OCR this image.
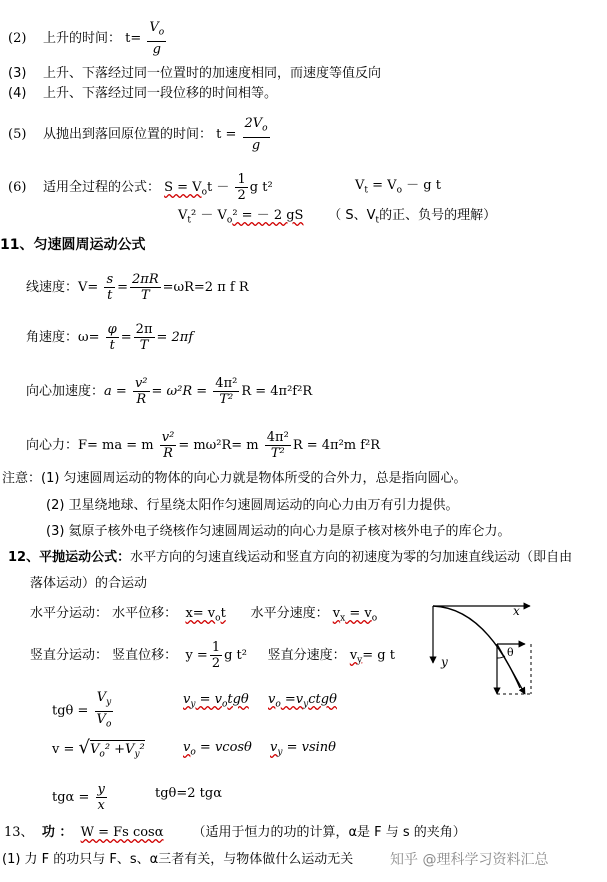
(2) 上升的时间： $t= \frac{V_o}{g}$
(3) 上升、下落经过同一位置时的加速度相同，而速度等值反向
(4) 上升、下落经过同一段位移的时间相等。
(5) 从抛出到落回原位置的时间： $t = \frac{2V_o}{g}$
(6) 适用全过程的公式： $S = V_ot - \frac{1}{2}$ g t²	$V_t = V_o - g$ t
$V_t^2 - V_o^2$ = － 2 gS （ S、$V_t$的正、负号的理解）
11、匀速圆周运动公式
线速度：$V= \frac{s}{t} = \frac{2\pi R}{T} =\omega R=2$ π f R
角速度：$\omega= \frac{\varphi}{t} = \frac{2\pi}{T} = 2\pi f$
向心加速度：$a = \frac{\text{v²}}{R} = \omega^2R = \frac{\text{4π²}}{\text{T²}}$ R = 4π²f²R
向心力：F= ma = m $\frac{\text{v²}}{R} = m\omega^2R= m \frac{\text{4π²}}{\text{T²}}$ R = 4π²m f²R
注意：(1) 匀速圆周运动的物体的向心力就是物体所受的合外力，总是指向圆心。
(2) 卫星绕地球、行星绕太阳作匀速圆周运动的向心力由万有引力提供。
(3) 氦原子核外电子绕核作匀速圆周运动的向心力是原子核对核外电子的库仑力。
12、平抛运动公式：水平方向的匀速直线运动和竖直方向的初速度为零的匀加速直线运动（即自由
落体运动）的合运动
水平分运动： 水平位移： $x= v_ot$ 水平分速度： $v_x = v_o$
竖直分运动： 竖直位移： $y = \frac{1}{2}$ g t² 竖直分速度： $v_y= g$ t
$tg\theta = \frac{V_y}{V_o}$	$v_y = v_otg\theta$ $v_o =v_yctg\theta$
$v = √V_o^2 +V_y^2$	$v_o = vcos\theta$ $v_y = vsin\theta$
$tg\alpha = \frac{y}{x}$	tgθ=2 tgα
x
y
θ
13、 功 ： W = Fs cosα （适用于恒力的功的计算，α是 F 与 s 的夹角）
(1) 力 F 的功只与 F、s、α三者有关，与物体做什么运动无关	知乎 @理科学习资料汇总
